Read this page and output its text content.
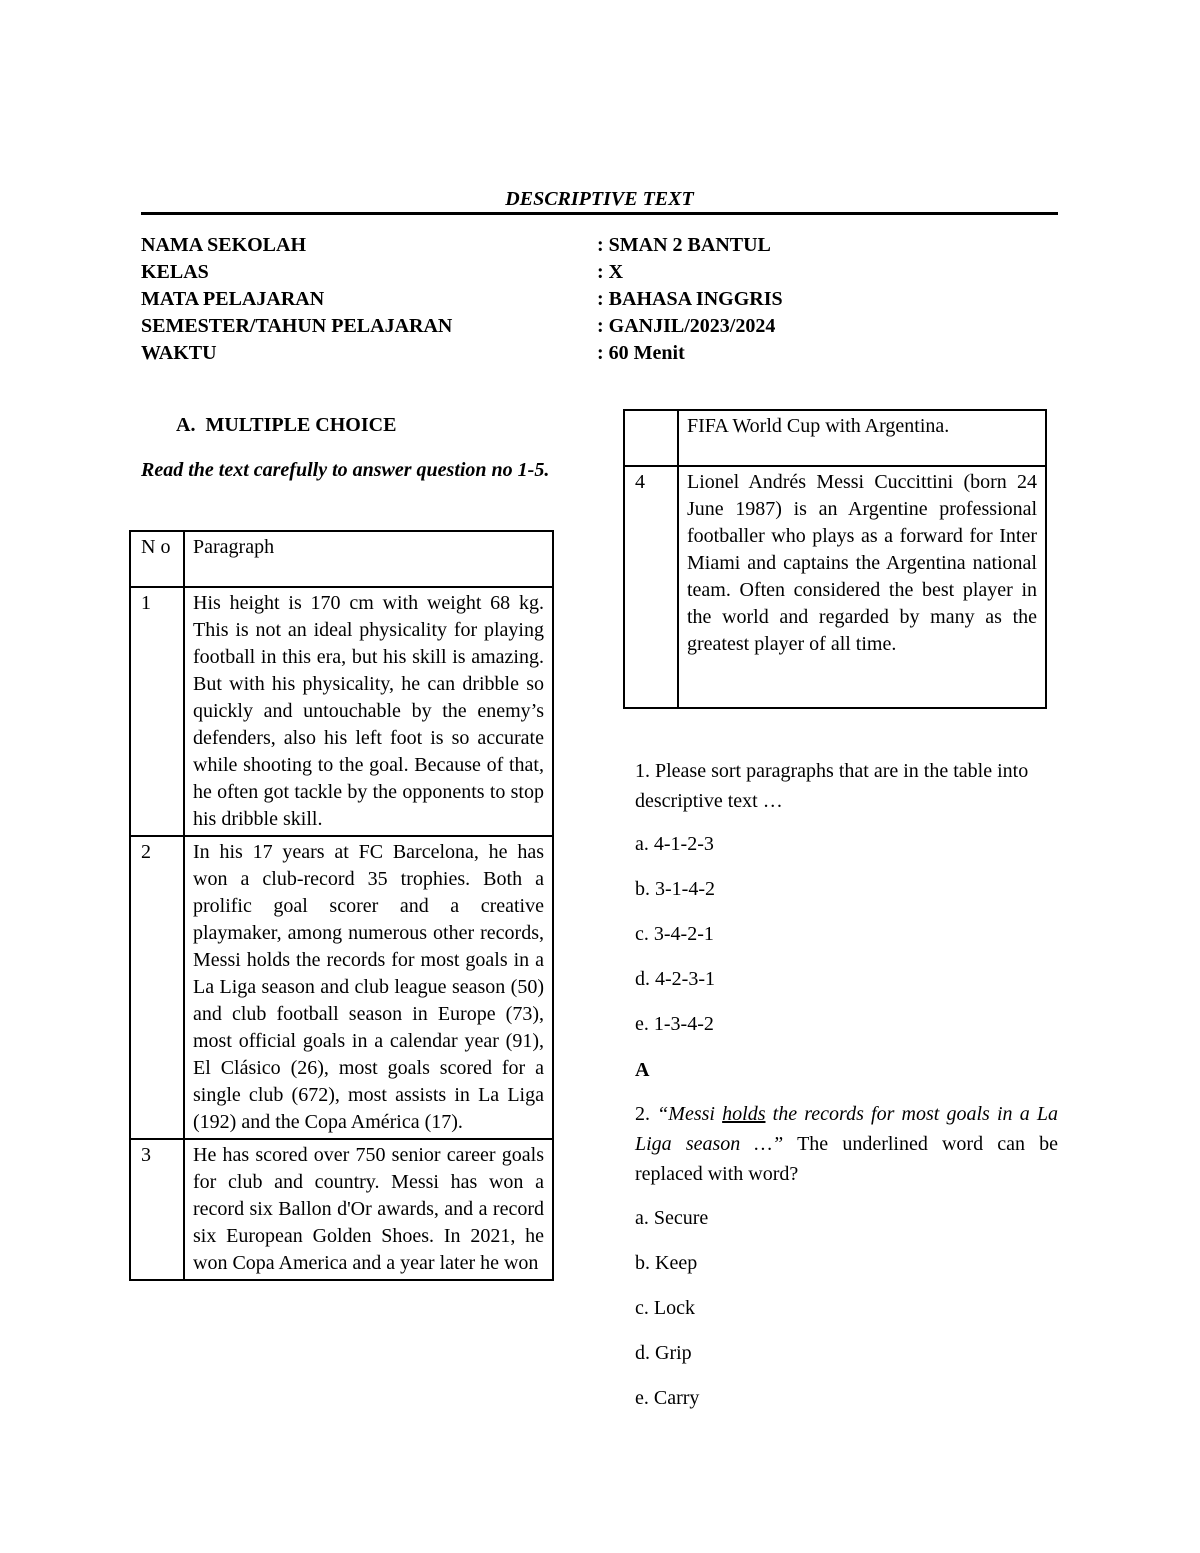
DESCRIPTIVE TEXT
NAMA SEKOLAH	: SMAN 2 BANTUL
KELAS	: X
MATA PELAJARAN	: BAHASA INGGRIS
SEMESTER/TAHUN PELAJARAN	: GANJIL/2023/2024
WAKTU	: 60 Menit
A.  MULTIPLE CHOICE
Read the text carefully to answer question no 1-5.
N o	Paragraph
1	His height is 170 cm with weight 68 kg. This is not an ideal physicality for playing football in this era, but his skill is amazing. But with his physicality, he can dribble so quickly and untouchable by the enemy’s defenders, also his left foot is so accurate while shooting to the goal. Because of that, he often got tackle by the opponents to stop his dribble skill.
2	In his 17 years at FC Barcelona, he has won a club-record 35 trophies. Both a prolific goal scorer and a creative playmaker, among numerous other records, Messi holds the records for most goals in a La Liga season and club league season (50) and club football season in Europe (73), most official goals in a calendar year (91), El Clásico (26), most goals scored for a single club (672), most assists in La Liga (192) and the Copa América (17).
3	He has scored over 750 senior career goals for club and country. Messi has won a record six Ballon d'Or awards, and a record six European Golden Shoes. In 2021, he won Copa America and a year later he won
	FIFA World Cup with Argentina.
4	Lionel Andrés Messi Cuccittini (born 24 June 1987) is an Argentine professional footballer who plays as a forward for Inter Miami and captains the Argentina national team. Often considered the best player in the world and regarded by many as the greatest player of all time.
1. Please sort paragraphs that are in the table into descriptive text …
a. 4-1-2-3
b. 3-1-4-2
c. 3-4-2-1
d. 4-2-3-1
e. 1-3-4-2
A
2. “Messi holds the records for most goals in a La Liga season …” The underlined word can be replaced with word?
a. Secure
b. Keep
c. Lock
d. Grip
e. Carry
